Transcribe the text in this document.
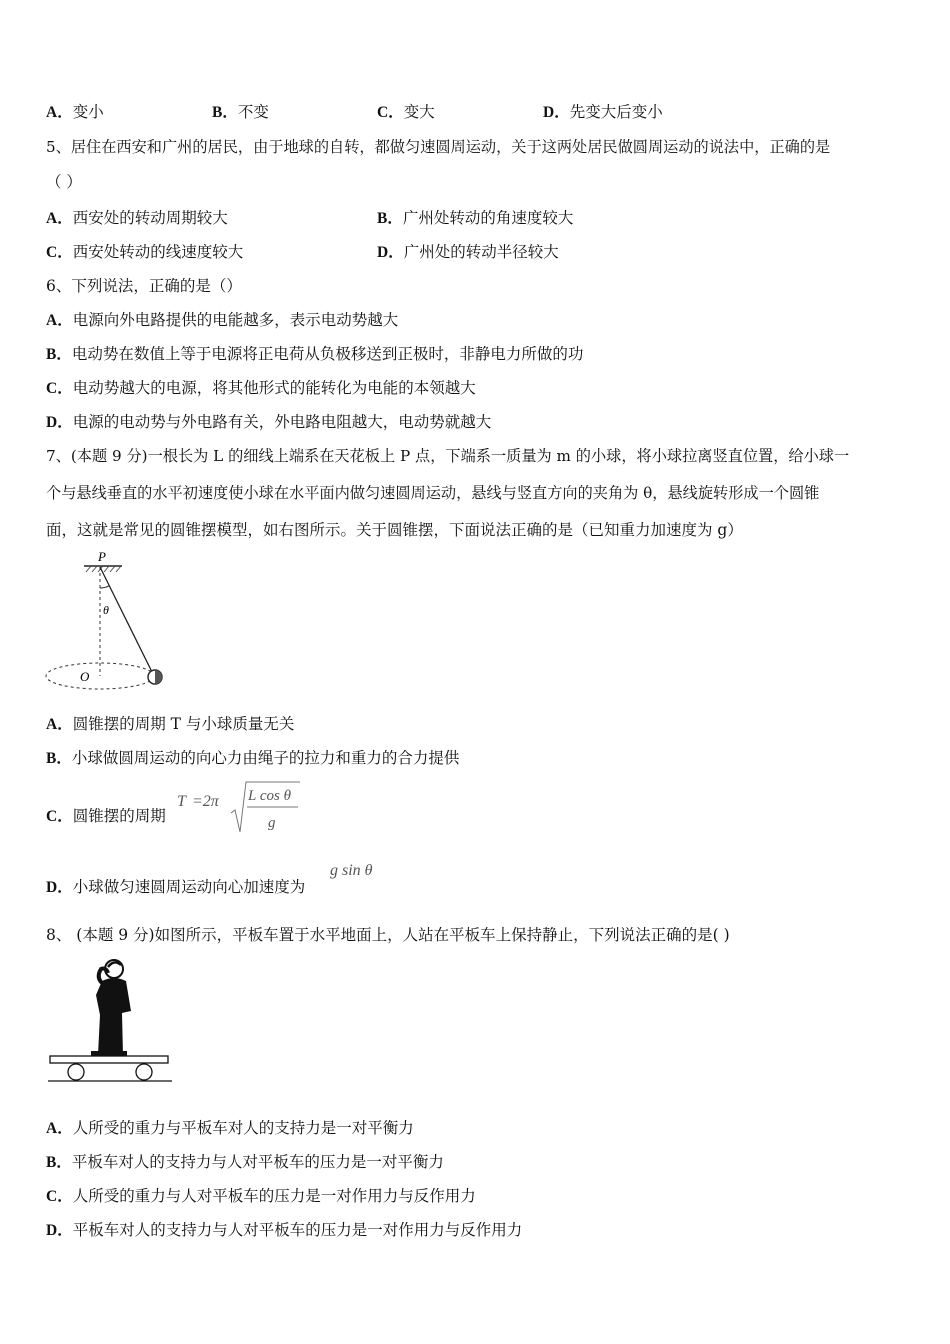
A．变小	B．不变	C．变大	D．先变大后变小
5、居住在西安和广州的居民，由于地球的自转，都做匀速圆周运动，关于这两处居民做圆周运动的说法中，正确的是
（ ）
A．西安处的转动周期较大	B．广州处转动的角速度较大
C．西安处转动的线速度较大	D．广州处的转动半径较大
6、下列说法，正确的是（）
A．电源向外电路提供的电能越多，表示电动势越大
B．电动势在数值上等于电源将正电荷从负极移送到正极时，非静电力所做的功
C．电动势越大的电源，将其他形式的能转化为电能的本领越大
D．电源的电动势与外电路有关，外电路电阻越大，电动势就越大
7、(本题 9 分)一根长为 L 的细线上端系在天花板上 P 点，下端系一质量为 m 的小球，将小球拉离竖直位置，给小球一
个与悬线垂直的水平初速度使小球在水平面内做匀速圆周运动，悬线与竖直方向的夹角为 θ，悬线旋转形成一个圆锥
面，这就是常见的圆锥摆模型，如右图所示。关于圆锥摆，下面说法正确的是（已知重力加速度为 g）
P
θ
O
A．圆锥摆的周期 T 与小球质量无关
B．小球做圆周运动的向心力由绳子的拉力和重力的合力提供
C．圆锥摆的周期
T =2π L cos θ
g
D．小球做匀速圆周运动向心加速度为
g sin θ
8、 (本题 9 分)如图所示，平板车置于水平地面上，人站在平板车上保持静止，下列说法正确的是( )
A．人所受的重力与平板车对人的支持力是一对平衡力
B．平板车对人的支持力与人对平板车的压力是一对平衡力
C．人所受的重力与人对平板车的压力是一对作用力与反作用力
D．平板车对人的支持力与人对平板车的压力是一对作用力与反作用力
